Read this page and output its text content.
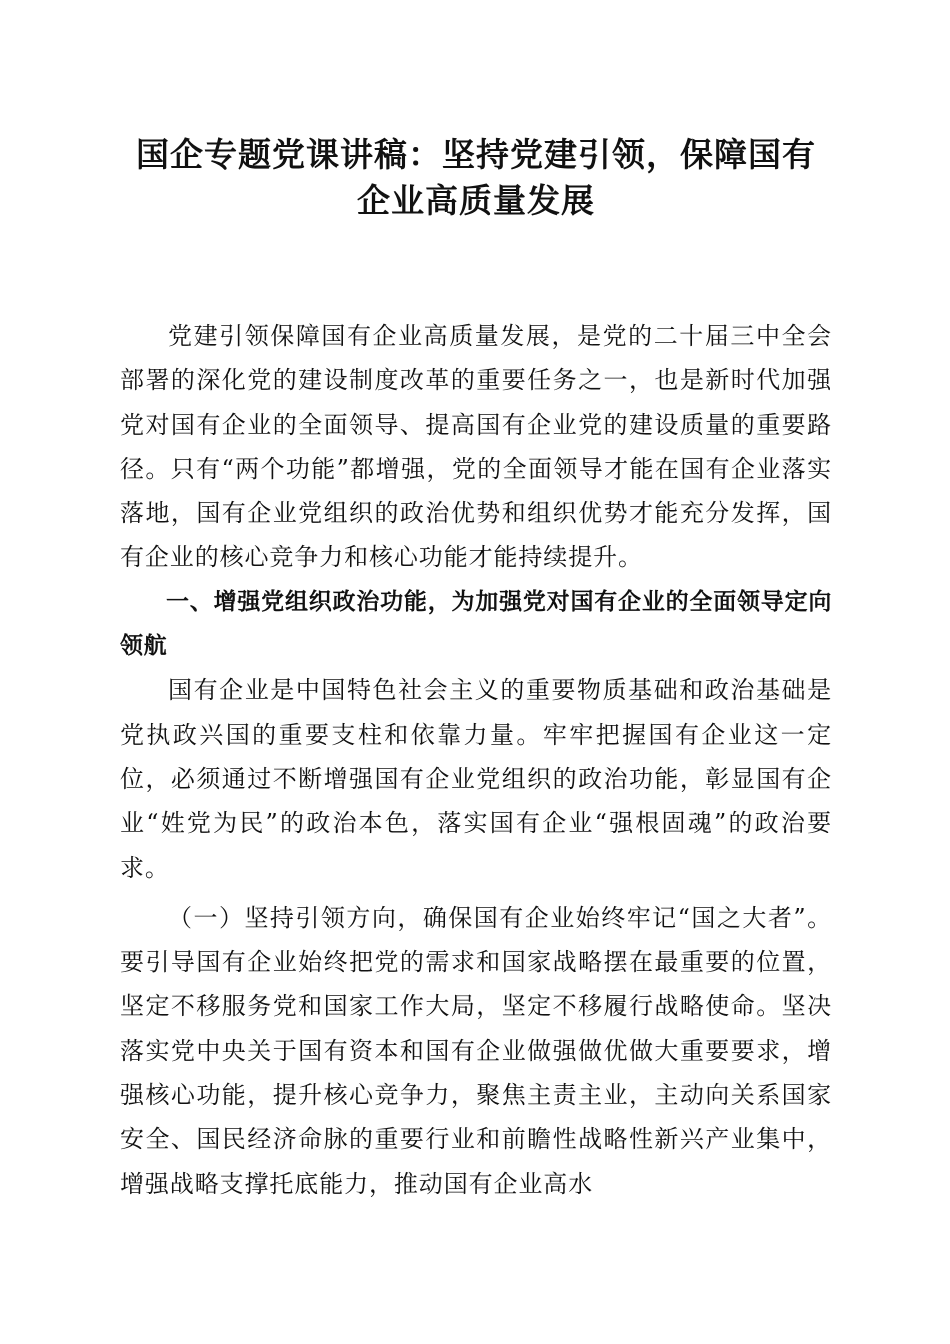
国企专题党课讲稿：坚持党建引领，保障国有
企业高质量发展

党建引领保障国有企业高质量发展，是党的二十届三中全会部署的深化党的建设制度改革的重要任务之一，也是新时代加强党对国有企业的全面领导、提高国有企业党的建设质量的重要路径。只有“两个功能”都增强，党的全面领导才能在国有企业落实落地，国有企业党组织的政治优势和组织优势才能充分发挥，国有企业的核心竞争力和核心功能才能持续提升。

一、增强党组织政治功能，为加强党对国有企业的全面领导定向领航

国有企业是中国特色社会主义的重要物质基础和政治基础是党执政兴国的重要支柱和依靠力量。牢牢把握国有企业这一定位，必须通过不断增强国有企业党组织的政治功能，彰显国有企业“姓党为民”的政治本色，落实国有企业“强根固魂”的政治要求。

（一）坚持引领方向，确保国有企业始终牢记“国之大者”。要引导国有企业始终把党的需求和国家战略摆在最重要的位置，坚定不移服务党和国家工作大局，坚定不移履行战略使命。坚决落实党中央关于国有资本和国有企业做强做优做大重要要求，增强核心功能，提升核心竞争力，聚焦主责主业，主动向关系国家安全、国民经济命脉的重要行业和前瞻性战略性新兴产业集中，增强战略支撑托底能力，推动国有企业高水
